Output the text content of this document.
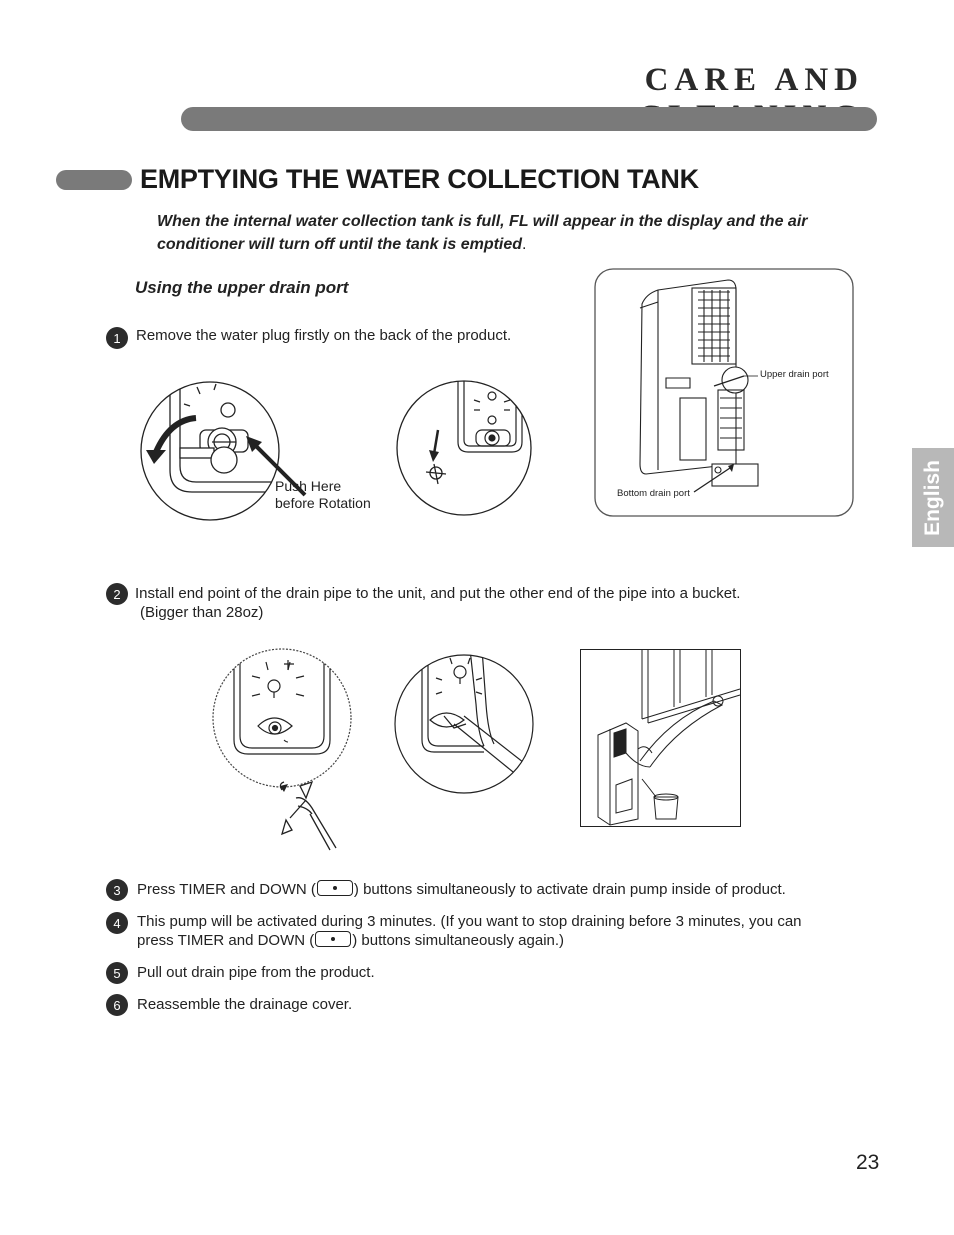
CARE AND
EMPTYING THE WATER COLLECTION TANK
When the internal water collection tank is full, FL will appear in the display and the air
conditioner will turn off until the tank is emptied.
Using the upper drain port
1	Remove the water plug firstly on the back of the product.
Push Here
before Rotation
Upper drain port
Bottom drain port	English
2 Install end point of the drain pipe to the unit, and put the other end of the pipe into a bucket.
(Bigger than 28oz)
3	Press TIMER and DOWN (	) buttons simultaneously to activate drain pump inside of product.
4	This pump will be activated during 3 minutes. (If you want to stop draining before 3 minutes, you can
press TIMER and DOWN (	) buttons simultaneously again.)
5	Pull out drain pipe from the product.
6	Reassemble the drainage cover.
23
